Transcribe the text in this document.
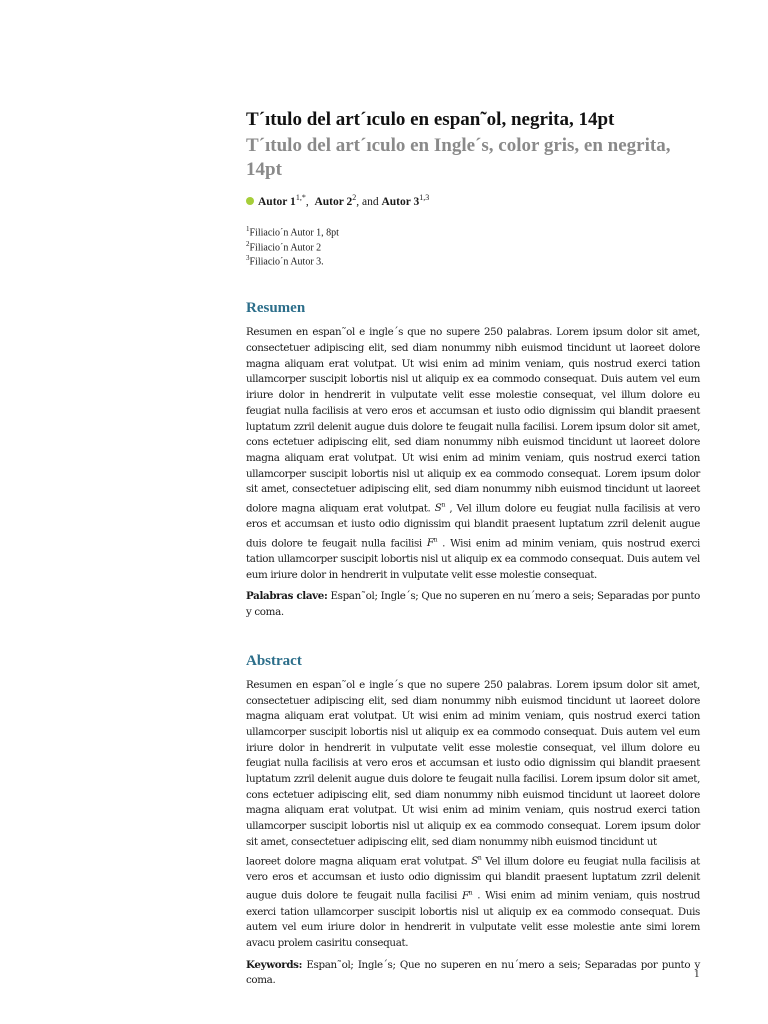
T´ıtulo del art´ıculo en espan˜ol, negrita, 14pt
T´ıtulo del art´ıculo en Ingle´s, color gris, en negrita, 14pt
Autor $1^{1,*}$, Autor $2^2$, and Autor 3$^{1,3}$
$^1$Filiacio´n Autor 1, 8pt
$^2$Filiacio´n Autor 2
$^3$Filiacio´n Autor 3.
Resumen

Resumen en espan˜ol e ingle´s que no supere 250 palabras. Lorem ipsum dolor sit amet, consectetuer adipiscing elit, sed diam nonummy nibh euismod tincidunt ut laoreet dolore magna aliquam erat volutpat. Ut wisi enim ad minim veniam, quis nostrud exerci tation ullamcorper suscipit lobortis nisl ut aliquip ex ea commodo consequat. Duis autem vel eum iriure dolor in hendrerit in vulputate velit esse molestie consequat, vel illum dolore eu feugiat nulla facilisis at vero eros et accumsan et iusto odio dignissim qui blandit praesent luptatum zzril delenit augue duis dolore te feugait nulla facilisi. Lorem ipsum dolor sit amet, cons ectetuer adipiscing elit, sed diam nonummy nibh euismod tincidunt ut laoreet dolore magna aliquam erat volutpat. Ut wisi enim ad minim veniam, quis nostrud exerci tation ullamcorper suscipit lobortis nisl ut aliquip ex ea commodo consequat. Lorem ipsum dolor sit amet, consectetuer adipiscing elit, sed diam nonummy nibh euismod tincidunt ut laoreet dolore magna aliquam erat volutpat. $S^n$ , Vel illum dolore eu feugiat nulla facilisis at vero eros et accumsan et iusto odio dignissim qui blandit praesent luptatum zzril delenit augue duis dolore te feugait nulla facilisi $F^n$ . Wisi enim ad minim veniam, quis nostrud exerci tation ullamcorper suscipit lobortis nisl ut aliquip ex ea commodo consequat. Duis autem vel eum iriure dolor in hendrerit in vulputate velit esse molestie consequat.

Palabras clave: Espan˜ol; Ingle´s; Que no superen en nu´mero a seis; Separadas por punto y coma.

Abstract

Resumen en espan˜ol e ingle´s que no supere 250 palabras. Lorem ipsum dolor sit amet, consectetuer adipiscing elit, sed diam nonummy nibh euismod tincidunt ut laoreet dolore magna aliquam erat volutpat. Ut wisi enim ad minim veniam, quis nostrud exerci tation ullamcorper suscipit lobortis nisl ut aliquip ex ea commodo consequat. Duis autem vel eum iriure dolor in hendrerit in vulputate velit esse molestie consequat, vel illum dolore eu feugiat nulla facilisis at vero eros et accumsan et iusto odio dignissim qui blandit praesent luptatum zzril delenit augue duis dolore te feugait nulla facilisi. Lorem ipsum dolor sit amet, cons ectetuer adipiscing elit, sed diam nonummy nibh euismod tincidunt ut laoreet dolore magna aliquam erat volutpat. Ut wisi enim ad minim veniam, quis nostrud exerci tation ullamcorper suscipit lobortis nisl ut aliquip ex ea commodo consequat. Lorem ipsum dolor sit amet, consectetuer adipiscing elit, sed diam nonummy nibh euismod tincidunt ut
laoreet dolore magna aliquam erat volutpat. $S^n$ Vel illum dolore eu feugiat nulla facilisis at vero eros et accumsan et iusto odio dignissim qui blandit praesent luptatum zzril delenit augue duis dolore te feugait nulla facilisi $F^n$ . Wisi enim ad minim veniam, quis nostrud exerci tation ullamcorper suscipit lobortis nisl ut aliquip ex ea commodo consequat. Duis autem vel eum iriure dolor in hendrerit in vulputate velit esse molestie ante simi lorem avacu prolem casiritu consequat.

Keywords: Espan˜ol; Ingle´s; Que no superen en nu´mero a seis; Separadas por punto y coma.

1
